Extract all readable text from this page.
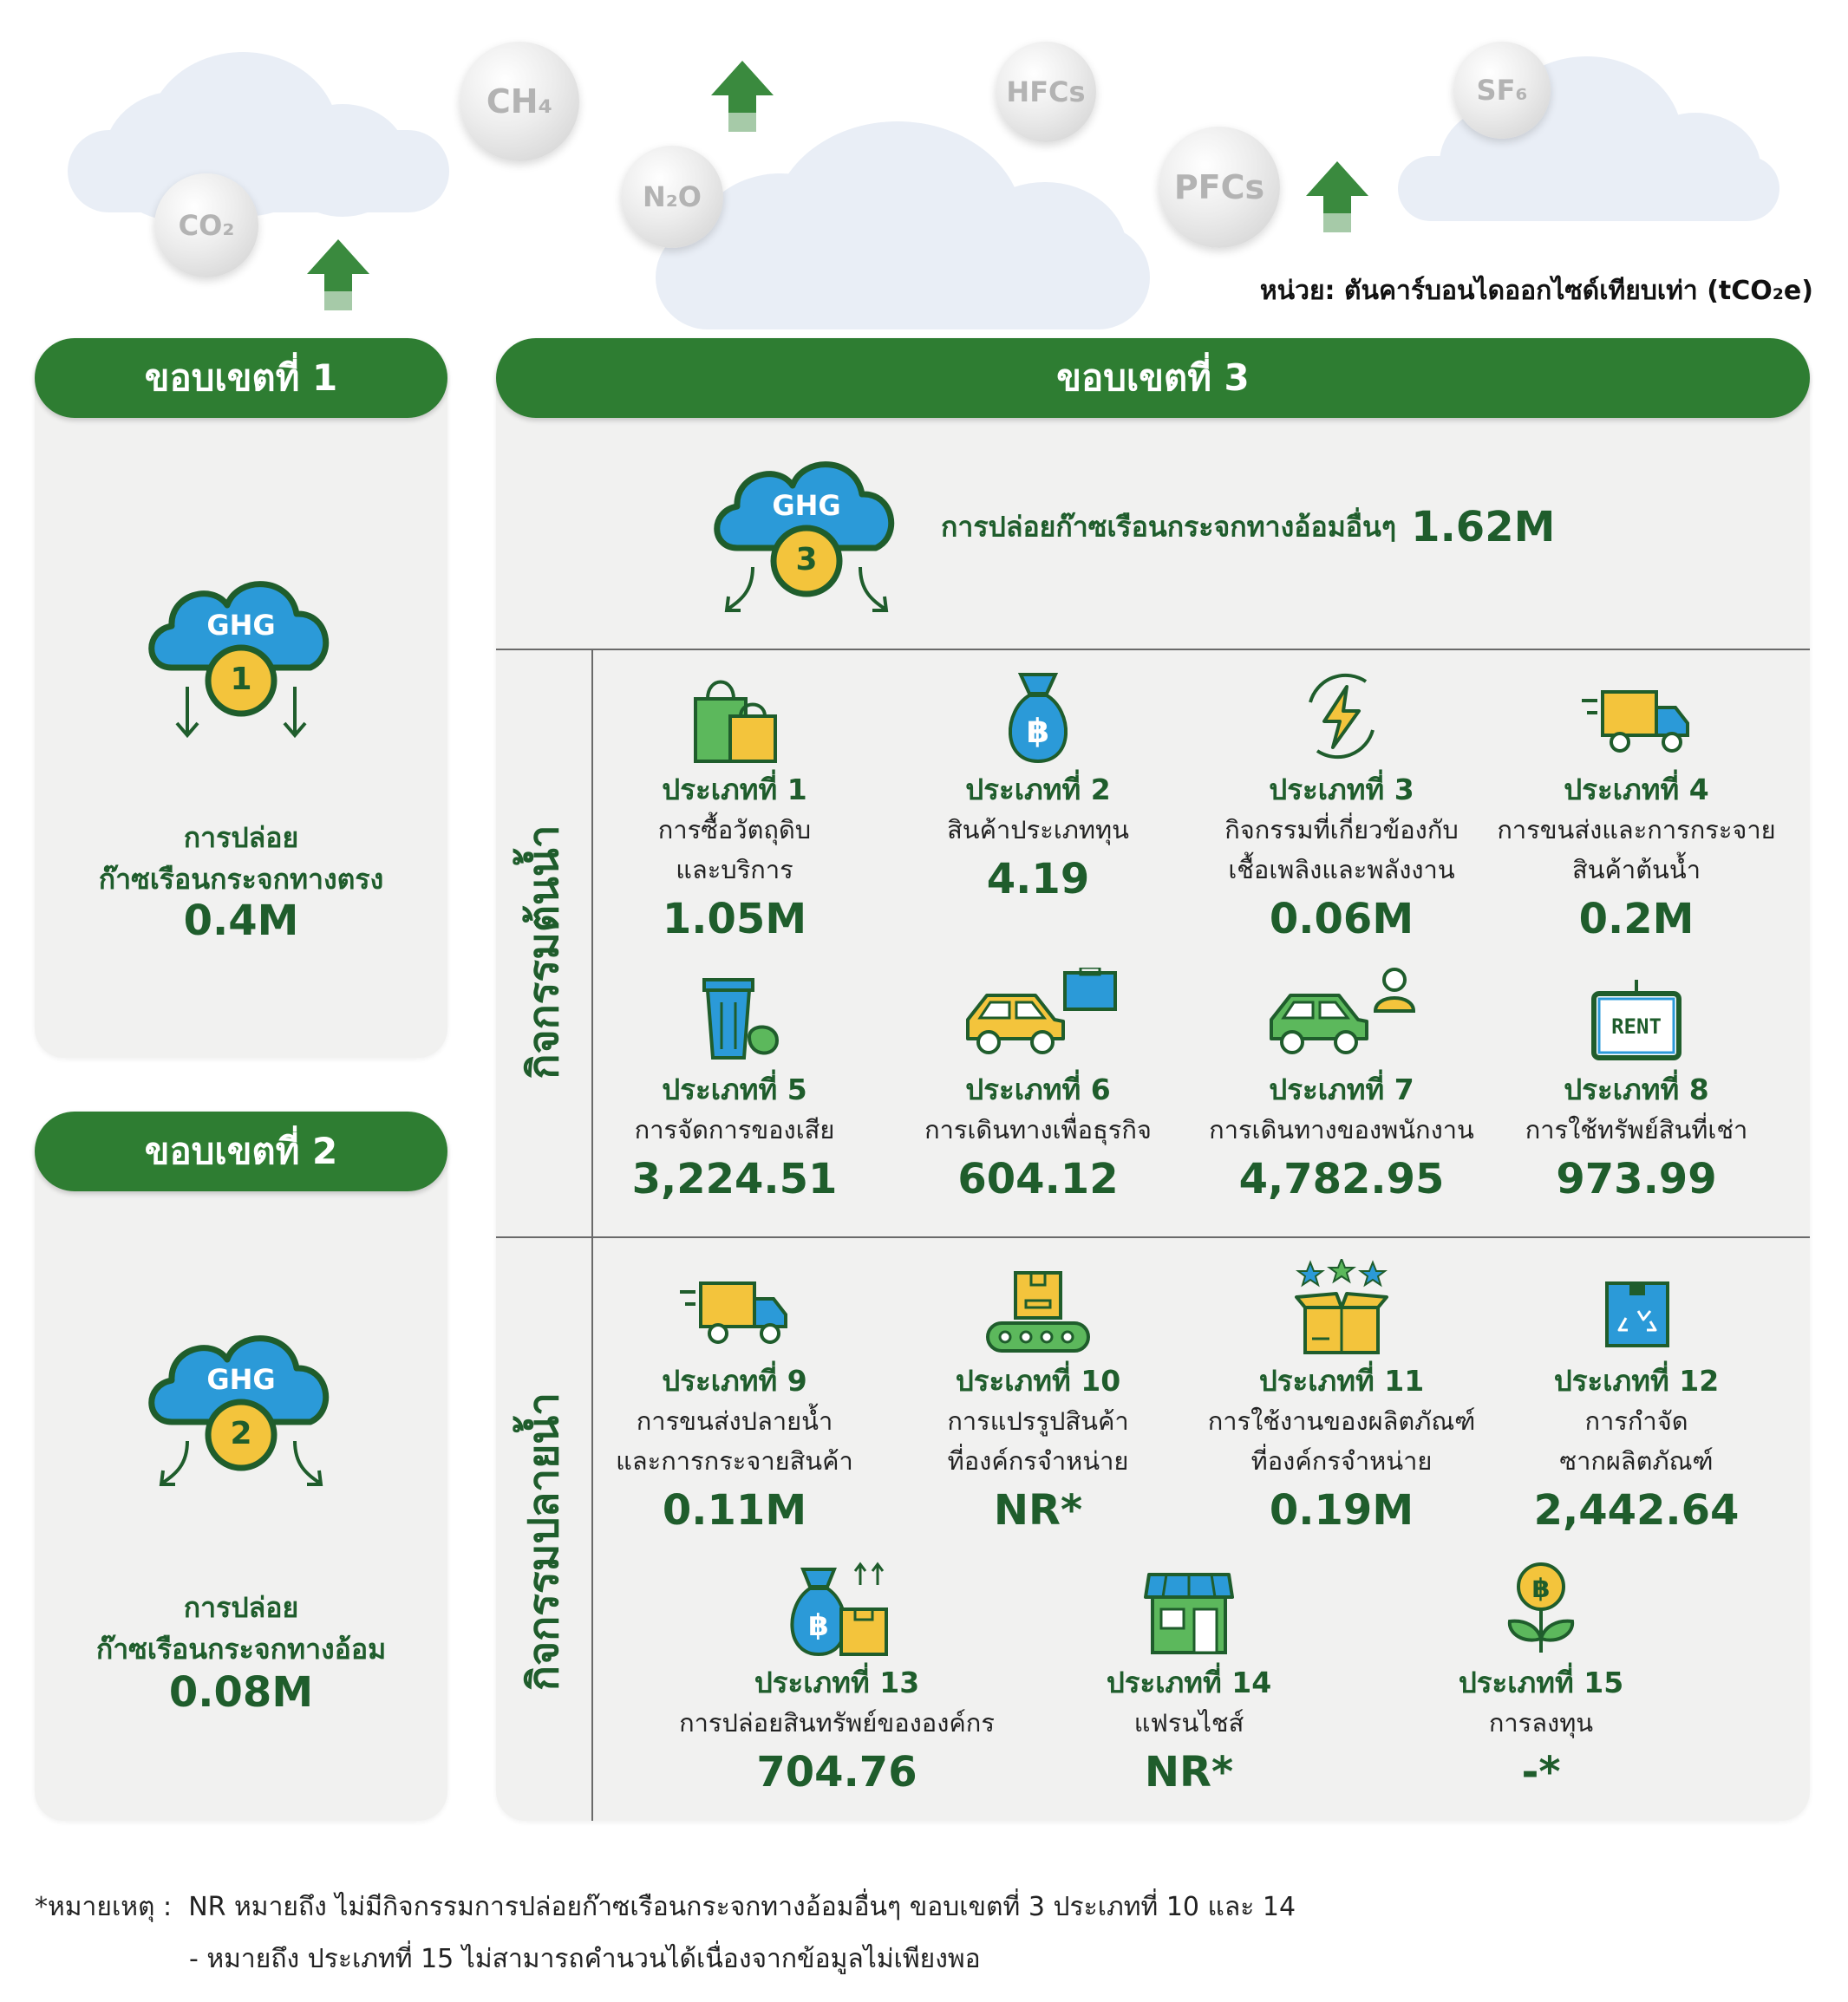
CH₄	HFCs	SF₆
N₂O	PFCs
CO₂
หน่วย: ตันคาร์บอนไดออกไซด์เทียบเท่า (tCO₂e)
ขอบเขตที่ 1
GHG
1
การปล่อย
ก๊าซเรือนกระจกทางตรง
0.4M
ขอบเขตที่ 2
GHG
2
การปล่อย
ก๊าซเรือนกระจกทางอ้อม
0.08M
ขอบเขตที่ 3
GHG
3
การปล่อยก๊าซเรือนกระจกทางอ้อมอื่นๆ 1.62M
กิจกรรมต้นน้ำ
กิจกรรมปลายน้ำ
ประเภทที่ 1
การซื้อวัตถุดิบ
และบริการ
1.05M
฿
ประเภทที่ 2
สินค้าประเภททุน
4.19
ประเภทที่ 3
กิจกรรมที่เกี่ยวข้องกับ
เชื้อเพลิงและพลังงาน
0.06M
ประเภทที่ 4
การขนส่งและการกระจาย
สินค้าต้นน้ำ
0.2M
ประเภทที่ 5
การจัดการของเสีย
3,224.51
ประเภทที่ 6
การเดินทางเพื่อธุรกิจ
604.12
ประเภทที่ 7
การเดินทางของพนักงาน
4,782.95
RENT
ประเภทที่ 8
การใช้ทรัพย์สินที่เช่า
973.99
ประเภทที่ 9
การขนส่งปลายน้ำ
และการกระจายสินค้า
0.11M
ประเภทที่ 10
การแปรรูปสินค้า
ที่องค์กรจำหน่าย
NR*
ประเภทที่ 11
การใช้งานของผลิตภัณฑ์
ที่องค์กรจำหน่าย
0.19M
ประเภทที่ 12
การกำจัด
ซากผลิตภัณฑ์
2,442.64
฿
ประเภทที่ 13
การปล่อยสินทรัพย์ขององค์กร
704.76
ประเภทที่ 14
แฟรนไชส์
NR*
฿
ประเภทที่ 15
การลงทุน
-*
*หมายเหตุ :  NR หมายถึง ไม่มีกิจกรรมการปล่อยก๊าซเรือนกระจกทางอ้อมอื่นๆ ขอบเขตที่ 3 ประเภทที่ 10 และ 14
- หมายถึง ประเภทที่ 15 ไม่สามารถคำนวนได้เนื่องจากข้อมูลไม่เพียงพอ
